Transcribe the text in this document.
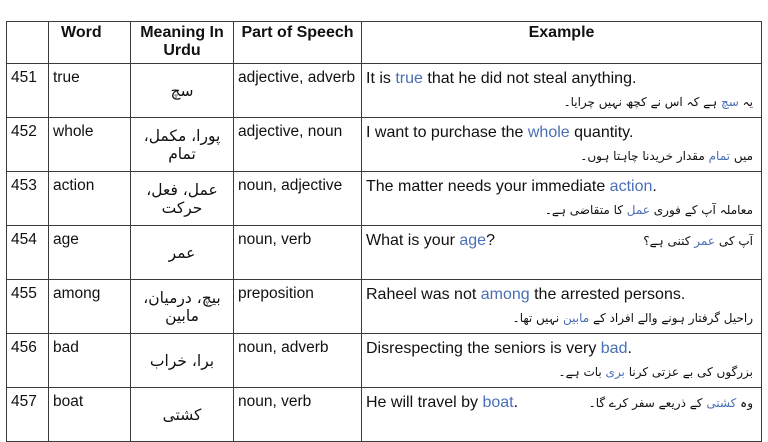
	Word	Meaning In Urdu	Part of Speech	Example
451	true	سچ	adjective, adverb	It is true that he did not steal anything.
یہ سچ ہے کہ اس نے کچھ نہیں چرایا۔

452	whole	پورا، مکمل، تمام	adjective, noun	I want to purchase the whole quantity.
میں تمام مقدار خریدنا چاہتا ہوں۔

453	action	عمل، فعل، حرکت	noun, adjective	The matter needs your immediate action.
معاملہ آپ کے فوری عمل کا متقاضی ہے۔

454	age	عمر	noun, verb	What is your age? آپ کی عمر کتنی ہے؟

455	among	بیچ، درمیان، مابین	preposition	Raheel was not among the arrested persons.
راحیل گرفتار ہونے والے افراد کے مابین نہیں تھا۔

456	bad	برا، خراب	noun, adverb	Disrespecting the seniors is very bad.
بزرگوں کی بے عزتی کرنا بری بات ہے۔

457	boat	کشتی	noun, verb	He will travel by boat. وہ کشتی کے ذریعے سفر کرے گا۔
